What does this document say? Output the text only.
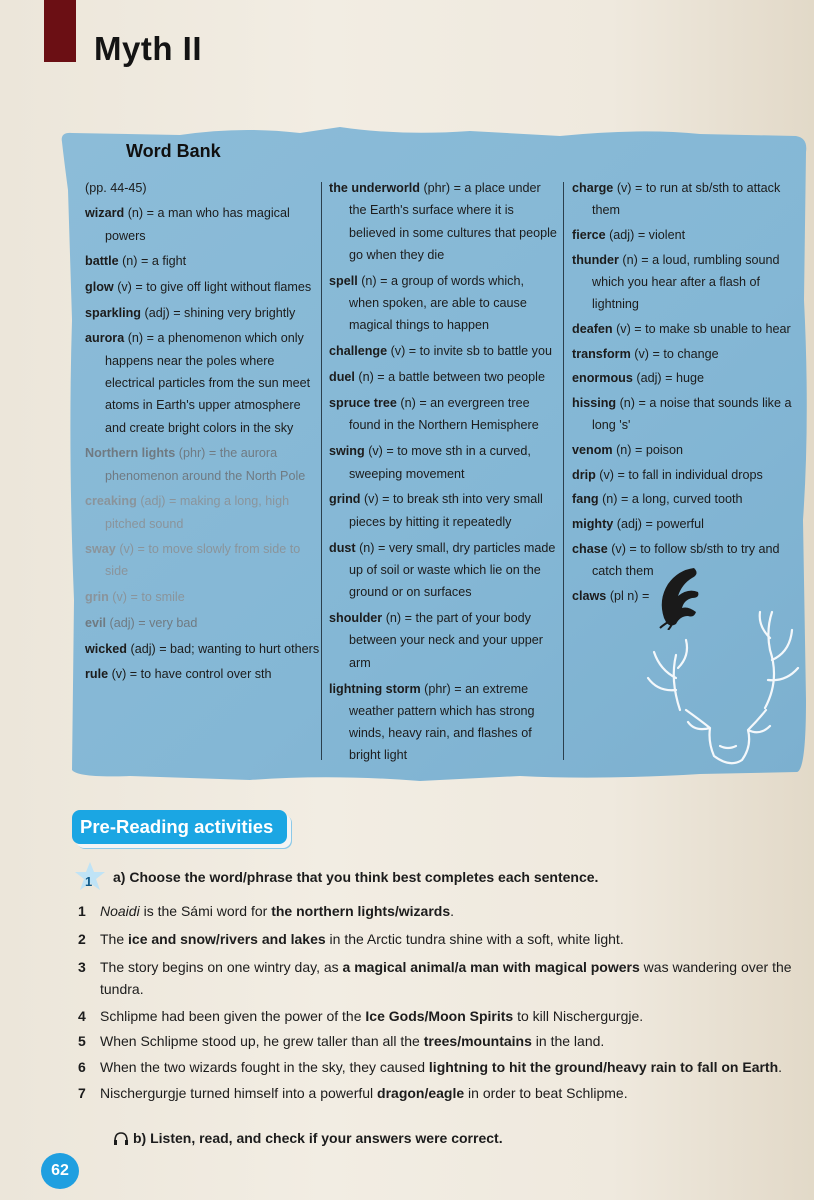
Myth II
Word Bank
(pp. 44-45)
wizard (n) = a man who has magical powers
battle (n) = a fight
glow (v) = to give off light without flames
sparkling (adj) = shining very brightly
aurora (n) = a phenomenon which only happens near the poles where electrical particles from the sun meet atoms in Earth's upper atmosphere and create bright colors in the sky
Northern lights (phr) = the aurora phenomenon around the North Pole
creaking (adj) = making a long, high pitched sound
sway (v) = to move slowly from side to side
grin (v) = to smile
evil (adj) = very bad
wicked (adj) = bad; wanting to hurt others
rule (v) = to have control over sth
the underworld (phr) = a place under the Earth's surface where it is believed in some cultures that people go when they die
spell (n) = a group of words which, when spoken, are able to cause magical things to happen
challenge (v) = to invite sb to battle you
duel (n) = a battle between two people
spruce tree (n) = an evergreen tree found in the Northern Hemisphere
swing (v) = to move sth in a curved, sweeping movement
grind (v) = to break sth into very small pieces by hitting it repeatedly
dust (n) = very small, dry particles made up of soil or waste which lie on the ground or on surfaces
shoulder (n) = the part of your body between your neck and your upper arm
lightning storm (phr) = an extreme weather pattern which has strong winds, heavy rain, and flashes of bright light
charge (v) = to run at sb/sth to attack them
fierce (adj) = violent
thunder (n) = a loud, rumbling sound which you hear after a flash of lightning
deafen (v) = to make sb unable to hear
transform (v) = to change
enormous (adj) = huge
hissing (n) = a noise that sounds like a long 's'
venom (n) = poison
drip (v) = to fall in individual drops
fang (n) = a long, curved tooth
mighty (adj) = powerful
chase (v) = to follow sb/sth to try and catch them
claws (pl n) =
Pre-Reading activities
1 a) Choose the word/phrase that you think best completes each sentence.
1 Noaidi is the Sámi word for the northern lights/wizards.
2 The ice and snow/rivers and lakes in the Arctic tundra shine with a soft, white light.
3 The story begins on one wintry day, as a magical animal/a man with magical powers was wandering over the tundra.
4 Schlipme had been given the power of the Ice Gods/Moon Spirits to kill Nischergurgje.
5 When Schlipme stood up, he grew taller than all the trees/mountains in the land.
6 When the two wizards fought in the sky, they caused lightning to hit the ground/heavy rain to fall on Earth.
7 Nischergurgje turned himself into a powerful dragon/eagle in order to beat Schlipme.
b) Listen, read, and check if your answers were correct.
62
